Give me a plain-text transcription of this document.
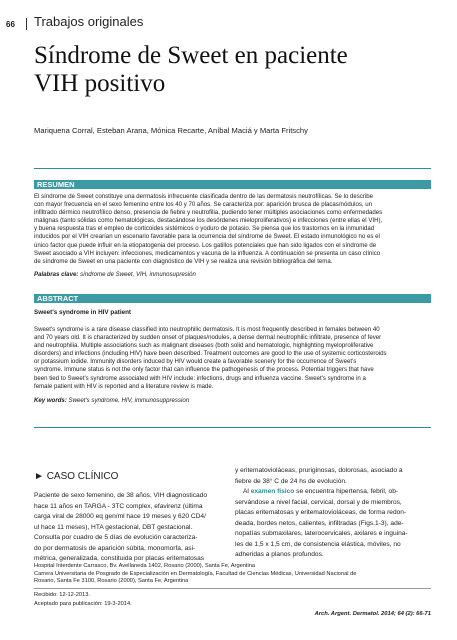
66 Trabajos originales
Síndrome de Sweet en paciente
VIH positivo
Mariquena Corral, Esteban Arana, Mónica Recarte, Aníbal Maciá y Marta Fritschy
RESUMEN
El síndrome de Sweet constituye una dermatosis infrecuente clasificada dentro de las dermatosis neutrofílicas. Se lo describe
con mayor frecuencia en el sexo femenino entre los 40 y 70 años. Se caracteriza por: aparición brusca de placas/nódulos, un
infiltrado dérmico neutrofílico denso, presencia de fiebre y neutrofilia, pudiendo tener múltiples asociaciones como enfermedades
malignas (tanto sólidas como hematológicas, destacándose los desórdenes mieloproliferativos) e infecciones (entre ellas el VIH),
y buena respuesta tras el empleo de corticoides sistémicos o yoduro de potasio. Se piensa que los trastornos en la inmunidad
inducidos por el VIH crearían un escenario favorable para la ocurrencia del síndrome de Sweet. El estado inmunológico no es el
único factor que puede influir en la etiopatogenia del proceso. Los gatillos potenciales que han sido ligados con el síndrome de
Sweet asociado a VIH incluyen: infecciones, medicamentos y vacuna de la influenza. A continuación se presenta un caso clínico
de síndrome de Sweet en una paciente con diagnóstico de VIH y se realiza una revisión bibliográfica del tema.
Palabras clave: síndrome de Sweet, VIH, inmunosupresión
ABSTRACT
Sweet's syndrome in HIV patient
Sweet's syndrome is a rare disease classified into neutrophilic dermatosis. It is most frequently described in females between 40
and 70 years old. It is characterized by sudden onset of plaques/nodules, a dense dermal neutrophilic infiltrate, presence of fever
and neutrophilia. Multiple associations such as malignant diseases (both solid and hematologic, highlighting myeloproliferative
disorders) and infections (including HIV) have been described. Treatment outcomes are good to the use of systemic corticosteroids
or potassium iodide. Immunity disorders induced by HIV would create a favorable scenery for the occurrence of Sweet's
syndrome. Immune status is not the only factor that can influence the pathogenesis of the process. Potential triggers that have
been tied to Sweet's syndrome associated with HIV include: infections, drugs and influenza vaccine. Sweet's syndrome in a
female patient with HIV is reported and a literature review is made.
Key words: Sweet's syndrome, HIV, immunosuppression
► CASO CLÍNICO
Paciente de sexo femenino, de 38 años, VIH diagnosticado
hace 11 años en TARGA - 3TC complex, efavirenz (última
carga viral de 28000 eq gen/ml hace 19 meses y 620 CD4/
ul hace 11 meses), HTA gestacional, DBT gestacional.
Consulta por cuadro de 5 días de evolución caracteriza-
do por dermatosis de aparición súbita, monomorfa, asi-
métrica, generalizada, constituida por placas eritematosas
y eritematovioláceas, pruriginosas, dolorosas, asociado a
fiebre de 38° C de 24 hs de evolución.
Al examen físico se encuentra hipertensa, febril, ob-
servándose a nivel facial, cervical, dorsal y de miembros,
placas eritematosas y eritematovioláceas, de forma redon-
deada, bordes netos, calientes, infiltradas (Figs.1-3), ade-
nopatías submaxilares, laterocervicales, axilares e inguina-
les de 1,5 x 1,5 cm, de consistencia elástica, móviles, no
adheridas a planos profundos.
Hospital Interdente Carrasco, Bv. Avellaneda 1402, Rosario (2000), Santa Fe, Argentina
Carrera Universitaria de Posgrado de Especialización en Dermatología, Facultad de Ciencias Médicas, Universidad Nacional de
Rosario, Santa Fe 3100, Rosario (2000), Santa Fe, Argentina
Recibido: 12-12-2013.
Aceptado para publicación: 19-3-2014.
Arch. Argent. Dermatol. 2014; 64 (2): 66-71
